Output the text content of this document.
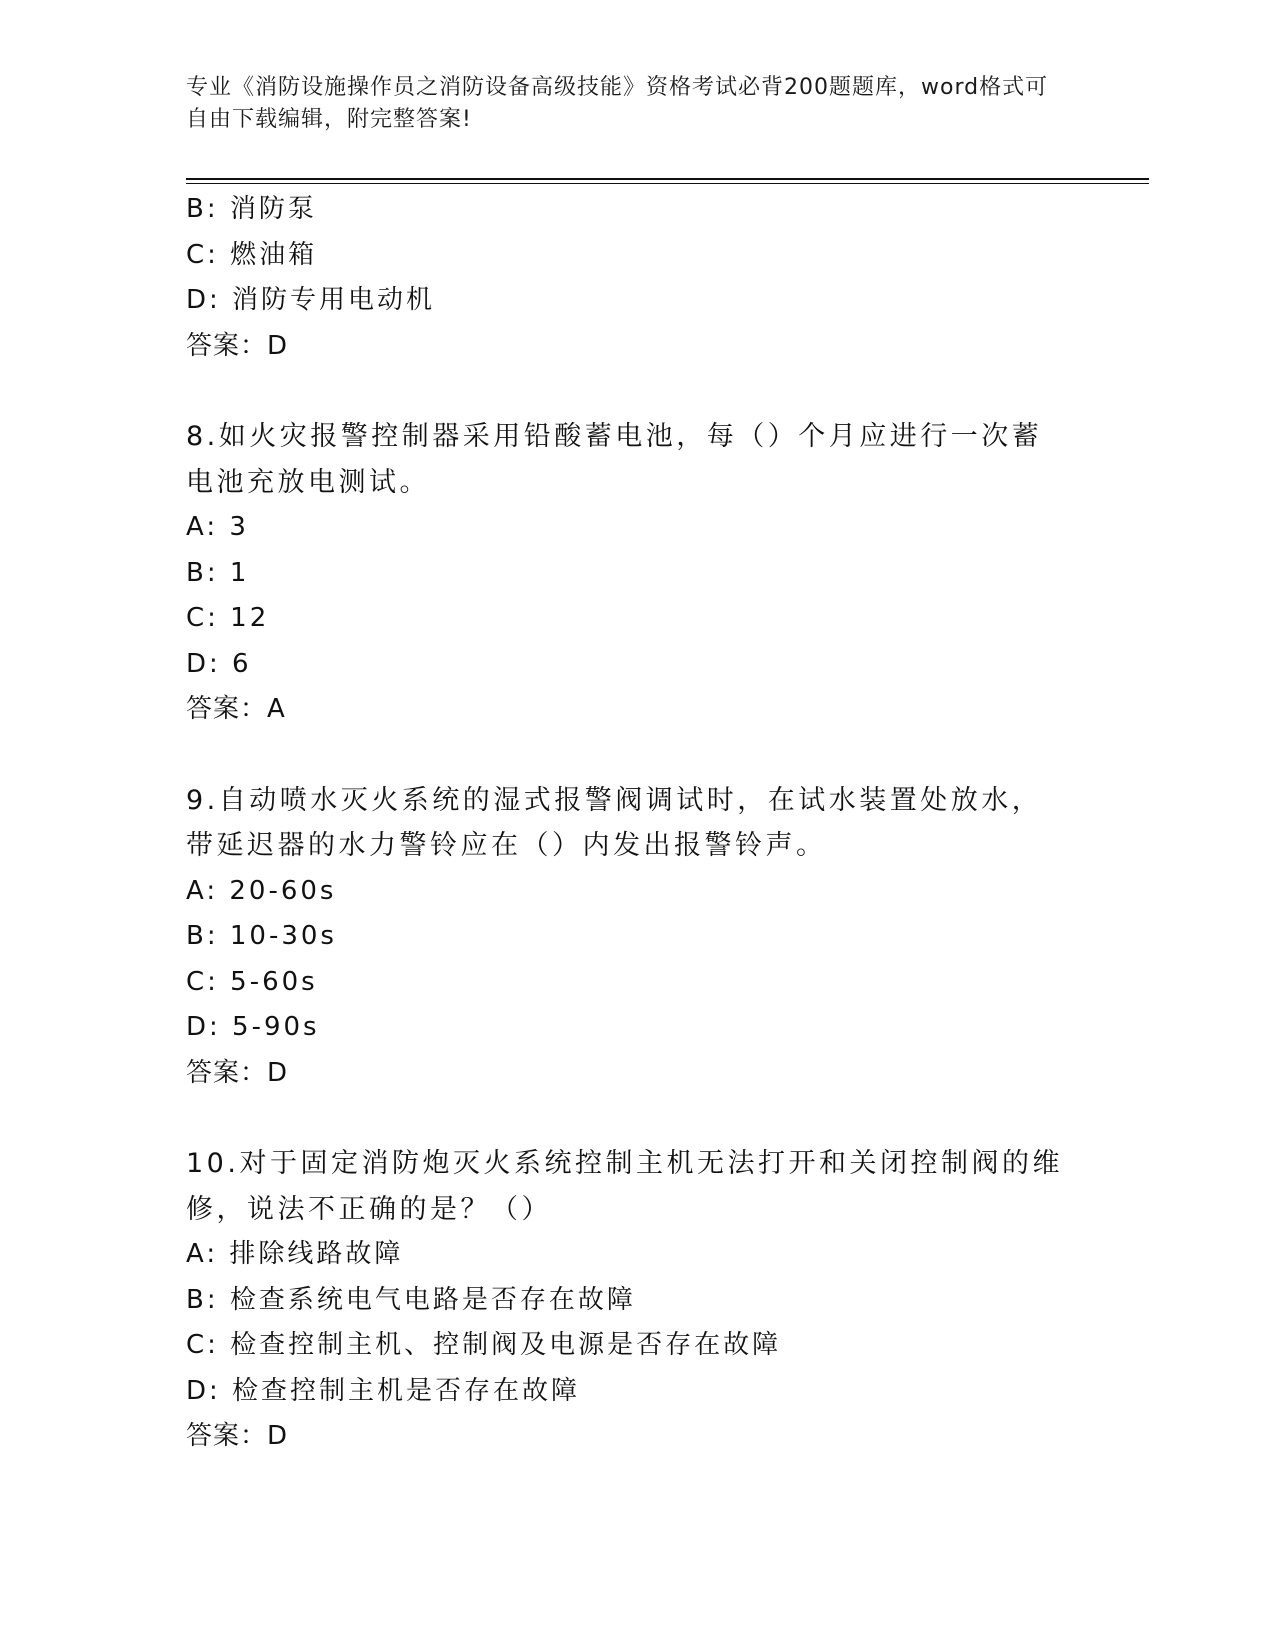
专业《消防设施操作员之消防设备高级技能》资格考试必背200题题库，word格式可自由下载编辑，附完整答案!
B: 消防泵
C: 燃油箱
D: 消防专用电动机
答案：D
8.如火灾报警控制器采用铅酸蓄电池，每（）个月应进行一次蓄电池充放电测试。
A: 3
B: 1
C: 12
D: 6
答案：A
9.自动喷水灭火系统的湿式报警阀调试时，在试水装置处放水，带延迟器的水力警铃应在（）内发出报警铃声。
A: 20-60s
B: 10-30s
C: 5-60s
D: 5-90s
答案：D
10.对于固定消防炮灭火系统控制主机无法打开和关闭控制阀的维修，说法不正确的是？（）
A: 排除线路故障
B: 检查系统电气电路是否存在故障
C: 检查控制主机、控制阀及电源是否存在故障
D: 检查控制主机是否存在故障
答案：D
